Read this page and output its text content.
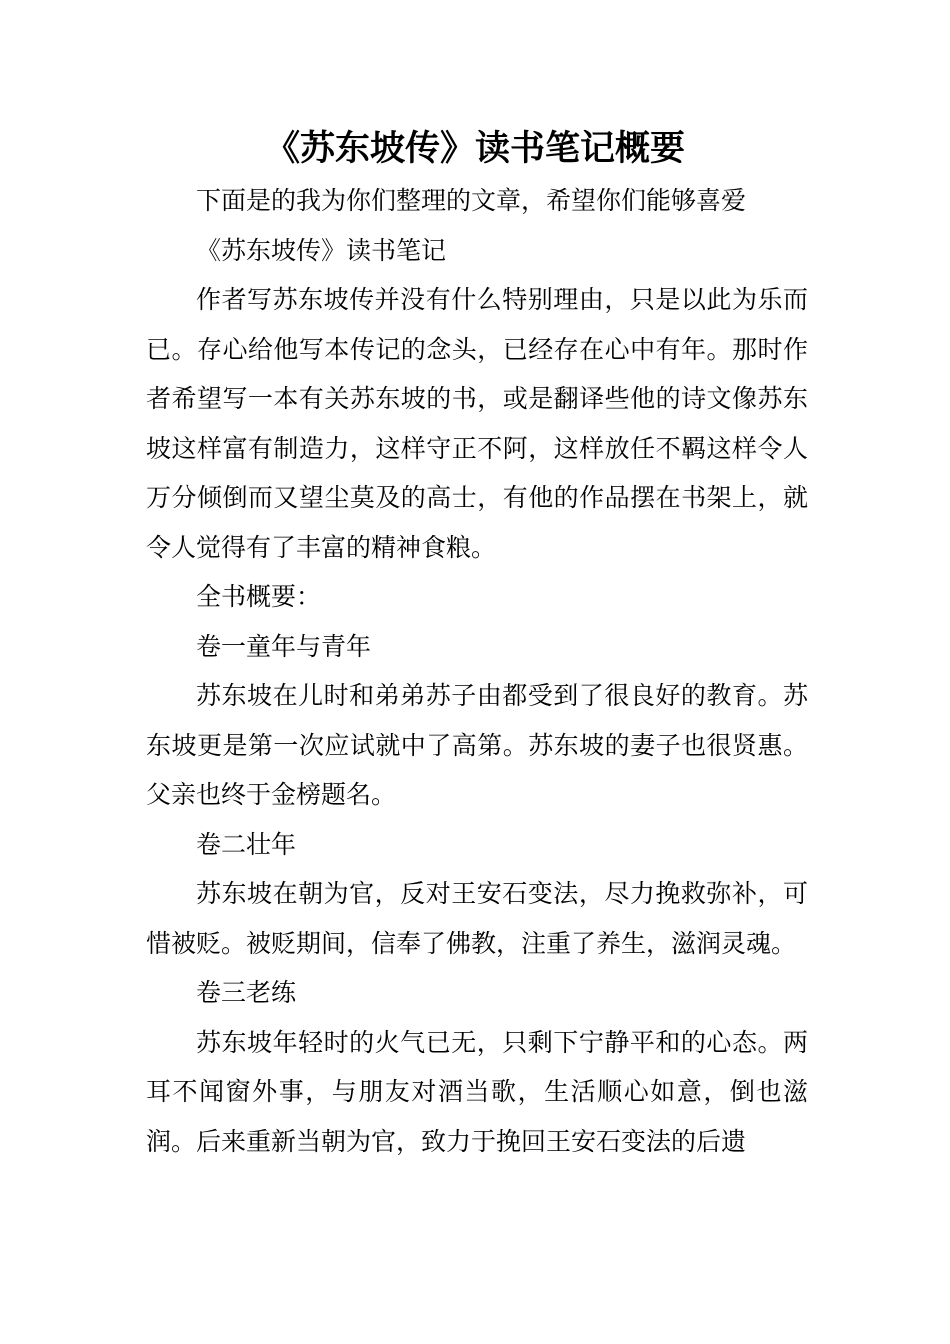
《苏东坡传》读书笔记概要

下面是的我为你们整理的文章，希望你们能够喜爱

《苏东坡传》读书笔记

作者写苏东坡传并没有什么特别理由，只是以此为乐而已。存心给他写本传记的念头，已经存在心中有年。那时作者希望写一本有关苏东坡的书，或是翻译些他的诗文像苏东坡这样富有制造力，这样守正不阿，这样放任不羁这样令人万分倾倒而又望尘莫及的高士，有他的作品摆在书架上，就令人觉得有了丰富的精神食粮。

全书概要：

卷一童年与青年

苏东坡在儿时和弟弟苏子由都受到了很良好的教育。苏东坡更是第一次应试就中了高第。苏东坡的妻子也很贤惠。父亲也终于金榜题名。

卷二壮年

苏东坡在朝为官，反对王安石变法，尽力挽救弥补，可惜被贬。被贬期间，信奉了佛教，注重了养生，滋润灵魂。

卷三老练

苏东坡年轻时的火气已无，只剩下宁静平和的心态。两耳不闻窗外事，与朋友对酒当歌，生活顺心如意，倒也滋润。后来重新当朝为官，致力于挽回王安石变法的后遗
